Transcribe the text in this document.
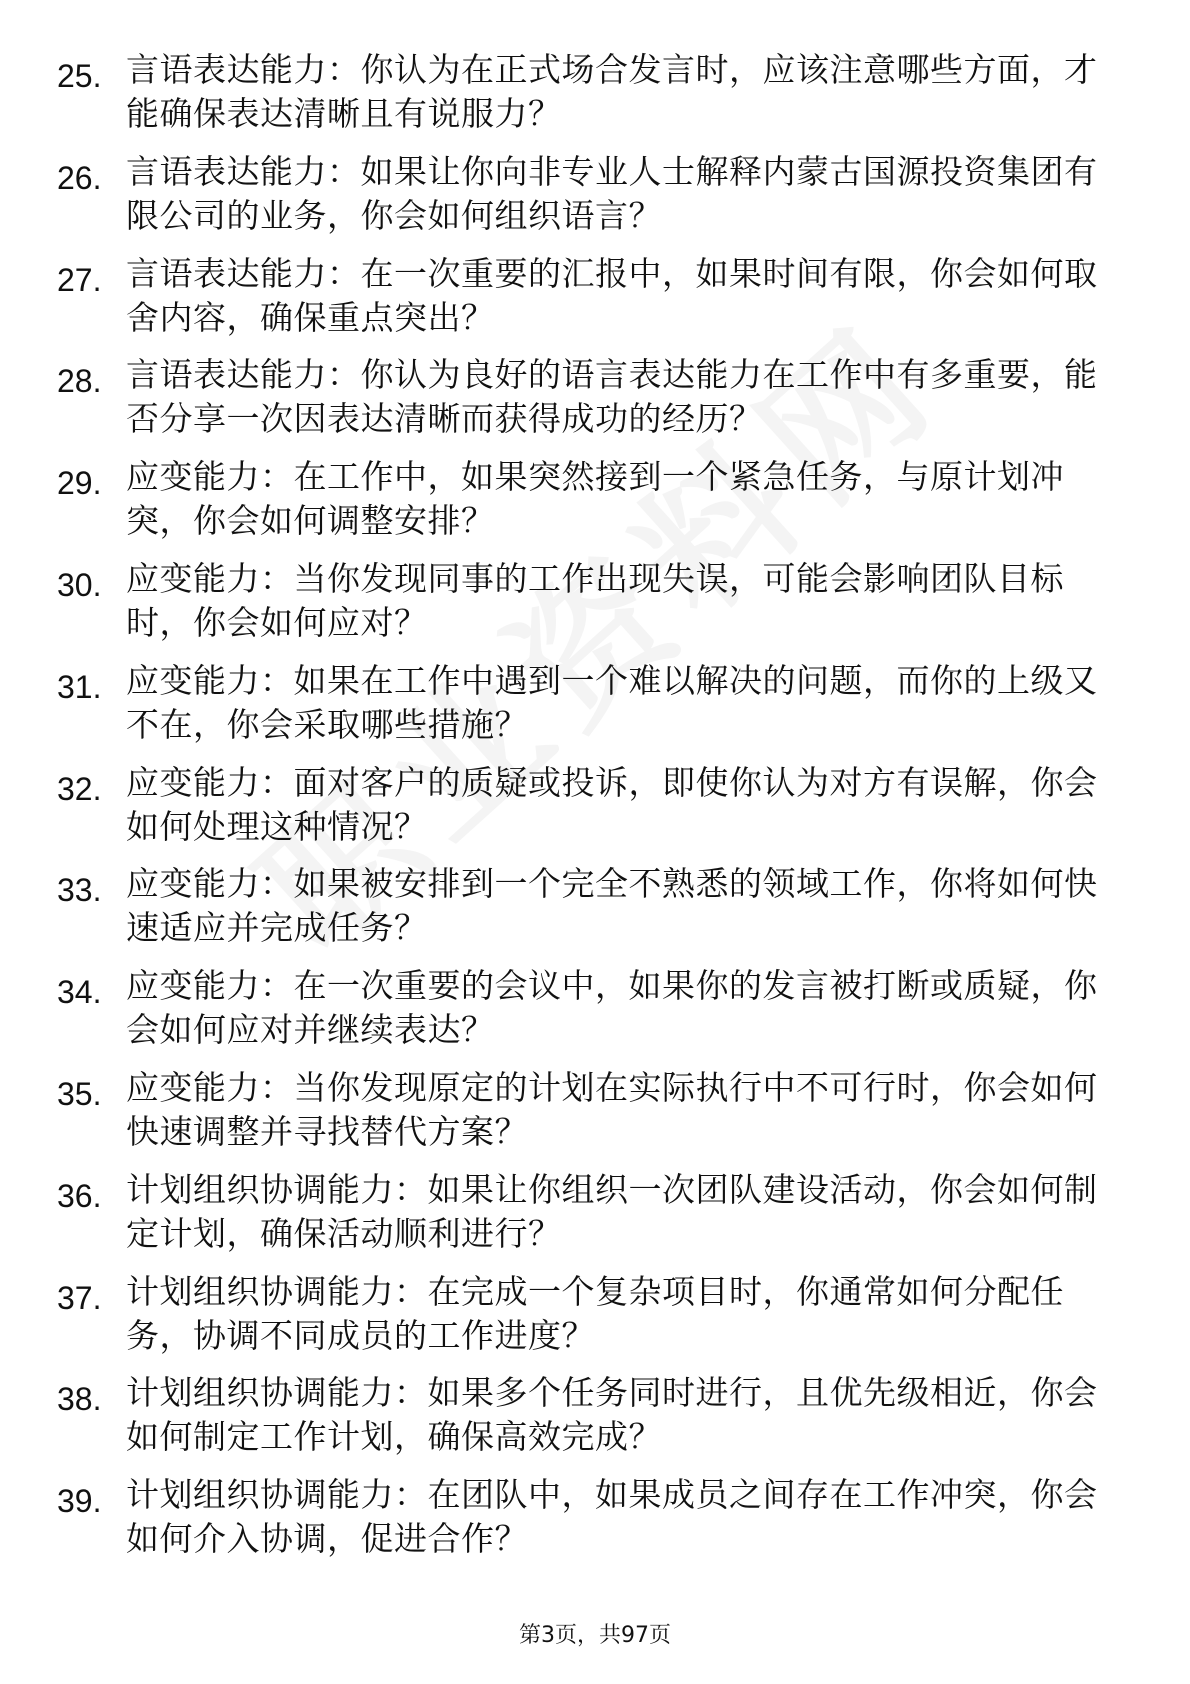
25. 言语表达能力：你认为在正式场合发言时，应该注意哪些方面，才能确保表达清晰且有说服力？
26. 言语表达能力：如果让你向非专业人士解释内蒙古国源投资集团有限公司的业务，你会如何组织语言？
27. 言语表达能力：在一次重要的汇报中，如果时间有限，你会如何取舍内容，确保重点突出？
28. 言语表达能力：你认为良好的语言表达能力在工作中有多重要，能否分享一次因表达清晰而获得成功的经历？
29. 应变能力：在工作中，如果突然接到一个紧急任务，与原计划冲突，你会如何调整安排？
30. 应变能力：当你发现同事的工作出现失误，可能会影响团队目标时，你会如何应对？
31. 应变能力：如果在工作中遇到一个难以解决的问题，而你的上级又不在，你会采取哪些措施？
32. 应变能力：面对客户的质疑或投诉，即使你认为对方有误解，你会如何处理这种情况？
33. 应变能力：如果被安排到一个完全不熟悉的领域工作，你将如何快速适应并完成任务？
34. 应变能力：在一次重要的会议中，如果你的发言被打断或质疑，你会如何应对并继续表达？
35. 应变能力：当你发现原定的计划在实际执行中不可行时，你会如何快速调整并寻找替代方案？
36. 计划组织协调能力：如果让你组织一次团队建设活动，你会如何制定计划，确保活动顺利进行？
37. 计划组织协调能力：在完成一个复杂项目时，你通常如何分配任务，协调不同成员的工作进度？
38. 计划组织协调能力：如果多个任务同时进行，且优先级相近，你会如何制定工作计划，确保高效完成？
39. 计划组织协调能力：在团队中，如果成员之间存在工作冲突，你会如何介入协调，促进合作？
第3页，共97页
